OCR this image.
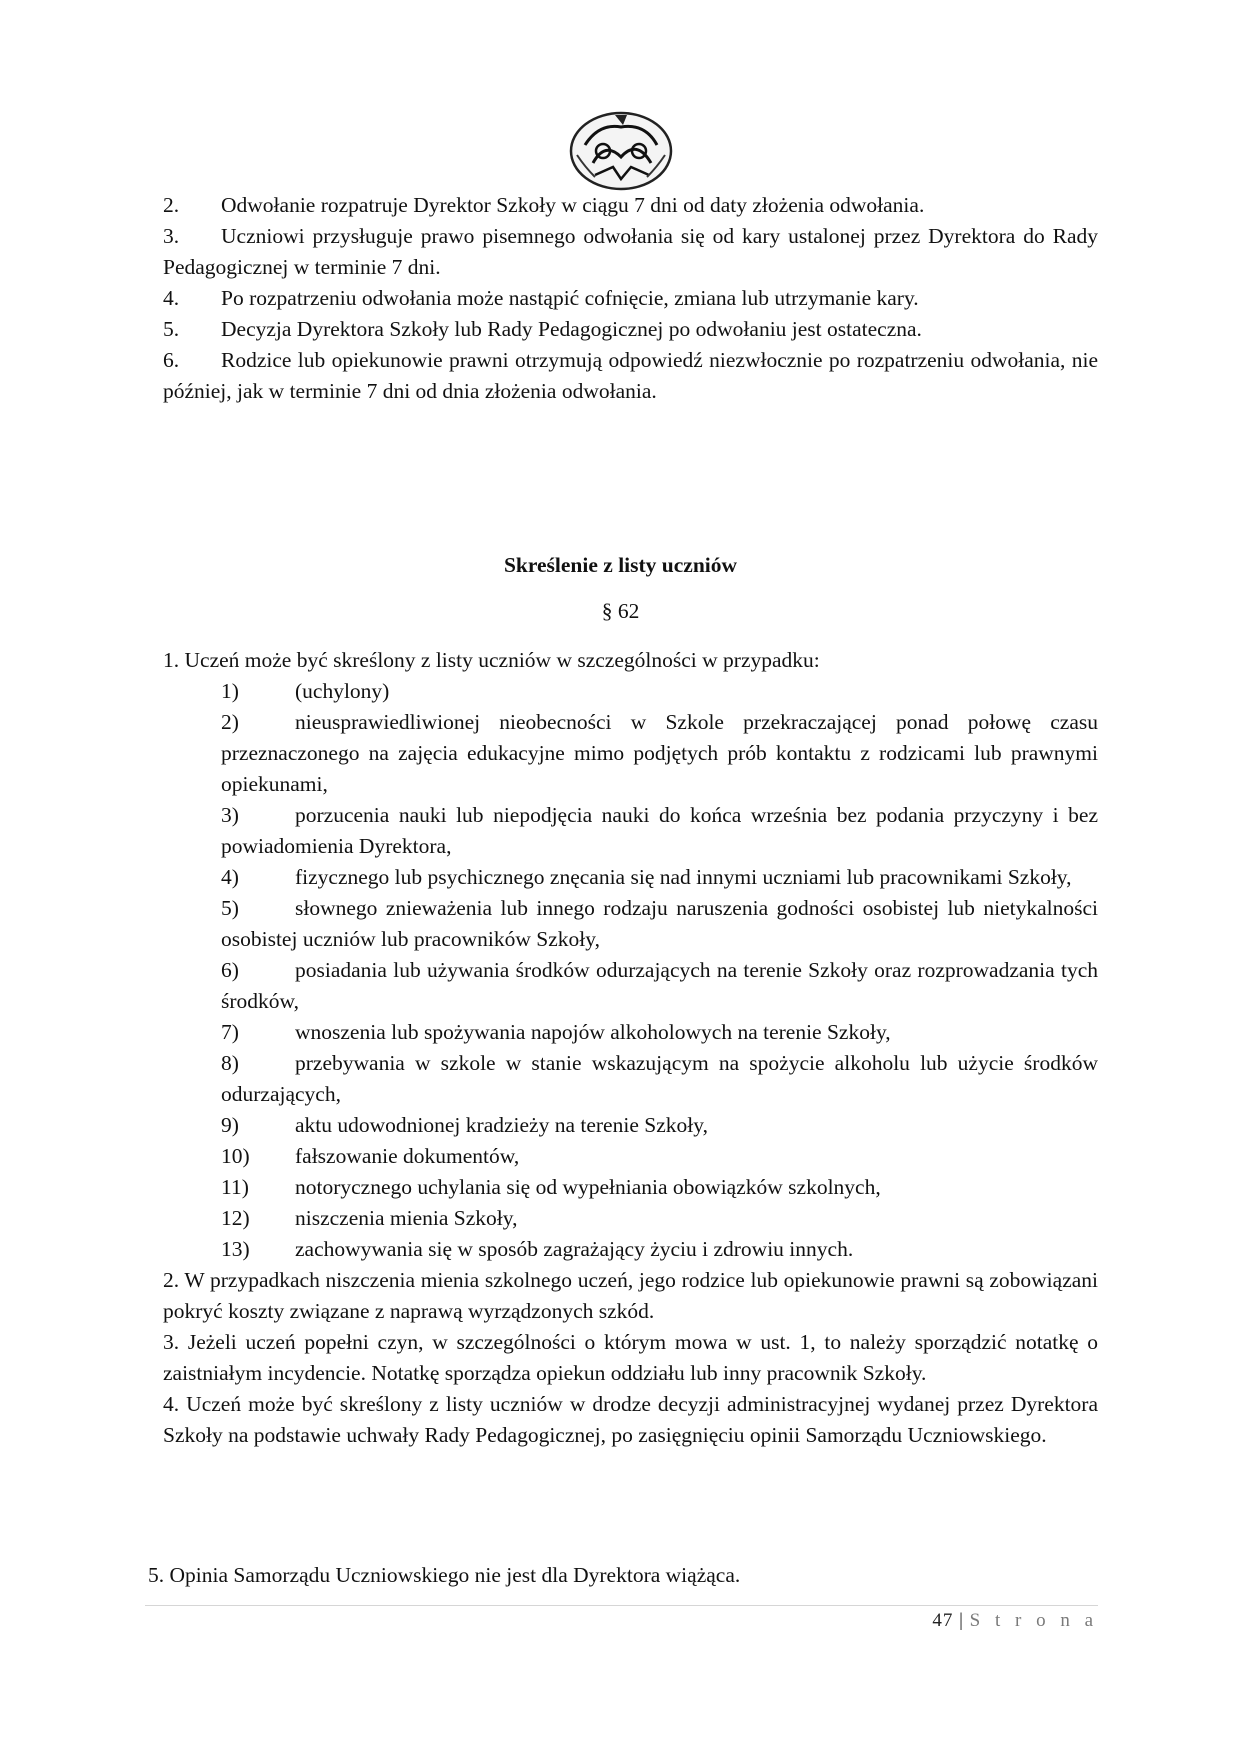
2. Odwołanie rozpatruje Dyrektor Szkoły w ciągu 7 dni od daty złożenia odwołania.

3. Uczniowi przysługuje prawo pisemnego odwołania się od kary ustalonej przez Dyrektora do Rady Pedagogicznej w terminie 7 dni.

4. Po rozpatrzeniu odwołania może nastąpić cofnięcie, zmiana lub utrzymanie kary.

5. Decyzja Dyrektora Szkoły lub Rady Pedagogicznej po odwołaniu jest ostateczna.

6. Rodzice lub opiekunowie prawni otrzymują odpowiedź niezwłocznie po rozpatrzeniu odwołania, nie później, jak w terminie 7 dni od dnia złożenia odwołania.

Skreślenie z listy uczniów
§ 62

1. Uczeń może być skreślony z listy uczniów w szczególności w przypadku:

1)	(uchylony)

2)	nieusprawiedliwionej nieobecności w Szkole przekraczającej ponad połowę czasu przeznaczonego na zajęcia edukacyjne mimo podjętych prób kontaktu z rodzicami lub prawnymi opiekunami,

3)	porzucenia nauki lub niepodjęcia nauki do końca września bez podania przyczyny i bez powiadomienia Dyrektora,

4)	fizycznego lub psychicznego znęcania się nad innymi uczniami lub pracownikami Szkoły,

5)	słownego znieważenia lub innego rodzaju naruszenia godności osobistej lub nietykalności osobistej uczniów lub pracowników Szkoły,

6)	posiadania lub używania środków odurzających na terenie Szkoły oraz rozprowadzania tych środków,

7)	wnoszenia lub spożywania napojów alkoholowych na terenie Szkoły,

8)	przebywania w szkole w stanie wskazującym na spożycie alkoholu lub użycie środków odurzających,

9)	aktu udowodnionej kradzieży na terenie Szkoły,

10) fałszowanie dokumentów,

11) notorycznego uchylania się od wypełniania obowiązków szkolnych,

12) niszczenia mienia Szkoły,

13) zachowywania się w sposób zagrażający życiu i zdrowiu innych.

2. W przypadkach niszczenia mienia szkolnego uczeń, jego rodzice lub opiekunowie prawni są zobowiązani pokryć koszty związane z naprawą wyrządzonych szkód.

3. Jeżeli uczeń popełni czyn, w szczególności o którym mowa w ust. 1, to należy sporządzić notatkę o zaistniałym incydencie. Notatkę sporządza opiekun oddziału lub inny pracownik Szkoły.

4. Uczeń może być skreślony z listy uczniów w drodze decyzji administracyjnej wydanej przez Dyrektora Szkoły na podstawie uchwały Rady Pedagogicznej, po zasięgnięciu opinii Samorządu Uczniowskiego.

5. Opinia Samorządu Uczniowskiego nie jest dla Dyrektora wiążąca.
47 | S t r o n a
